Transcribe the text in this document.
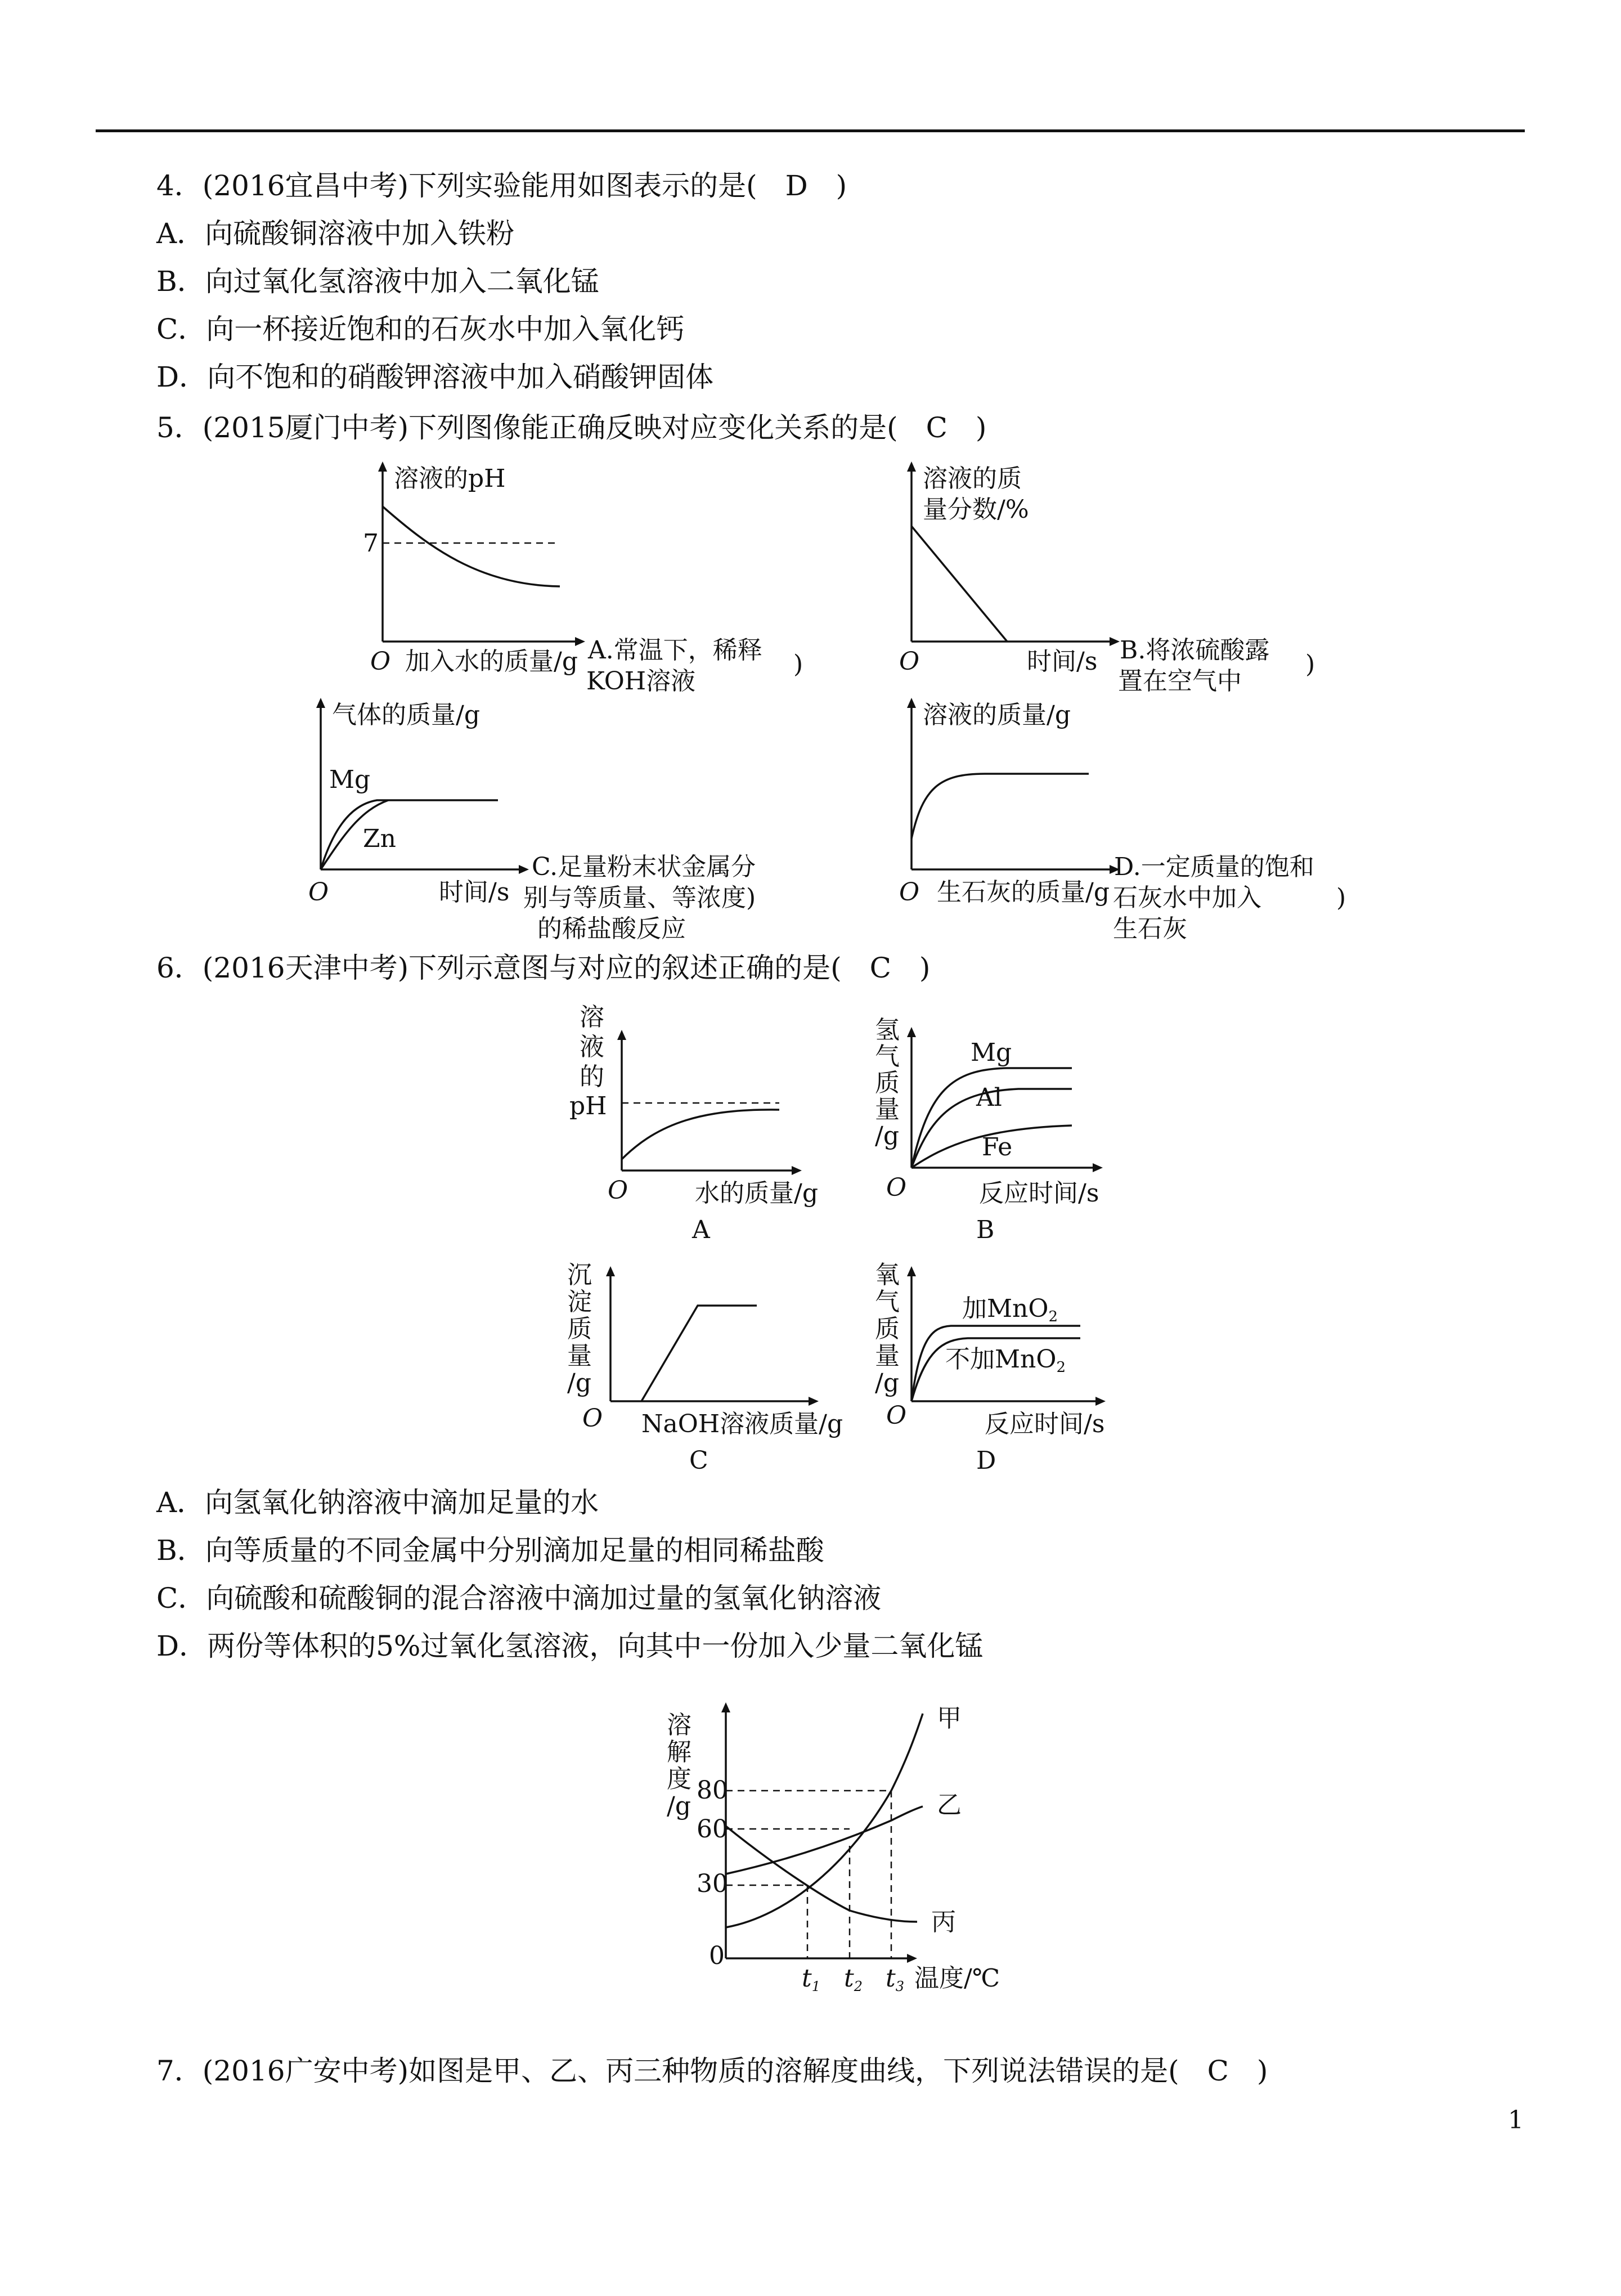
4．(2016宜昌中考)下列实验能用如图表示的是(　D　)
A．向硫酸铜溶液中加入铁粉
B．向过氧化氢溶液中加入二氧化锰
C．向一杯接近饱和的石灰水中加入氧化钙
D．向不饱和的硝酸钾溶液中加入硝酸钾固体
5．(2015厦门中考)下列图像能正确反映对应变化关系的是(　C　)
溶液的pH
7
O 加入水的质量/g A.常温下，稀释
KOH溶液
)
溶液的质
量分数/%
O	时间/s B.将浓硫酸露
置在空气中
)
气体的质量/g
Mg
Zn
O	时间/s
C.足量粉末状金属分
别与等质量、等浓度)
的稀盐酸反应
溶液的质量/g
O 生石灰的质量/g
D.一定质量的饱和
石灰水中加入
生石灰
)
6．(2016天津中考)下列示意图与对应的叙述正确的是(　C　)
溶
液
的
pH
O	水的质量/g
A
氢
气
质
量
/g
Mg
Al
Fe
O	反应时间/s
B
沉
淀
质
量
/g
O NaOH溶液质量/g
C
氧
气
质
量
/g
加MnO2
不加MnO2
O	反应时间/s
D
A．向氢氧化钠溶液中滴加足量的水
B．向等质量的不同金属中分别滴加足量的相同稀盐酸
C．向硫酸和硫酸铜的混合溶液中滴加过量的氢氧化钠溶液
D．两份等体积的5%过氧化氢溶液，向其中一份加入少量二氧化锰
溶
解
度
/g
80
60
30
0
甲
乙
丙
t1 t2 t3 温度/℃
7．(2016广安中考)如图是甲、乙、丙三种物质的溶解度曲线，下列说法错误的是(　C　)
1
